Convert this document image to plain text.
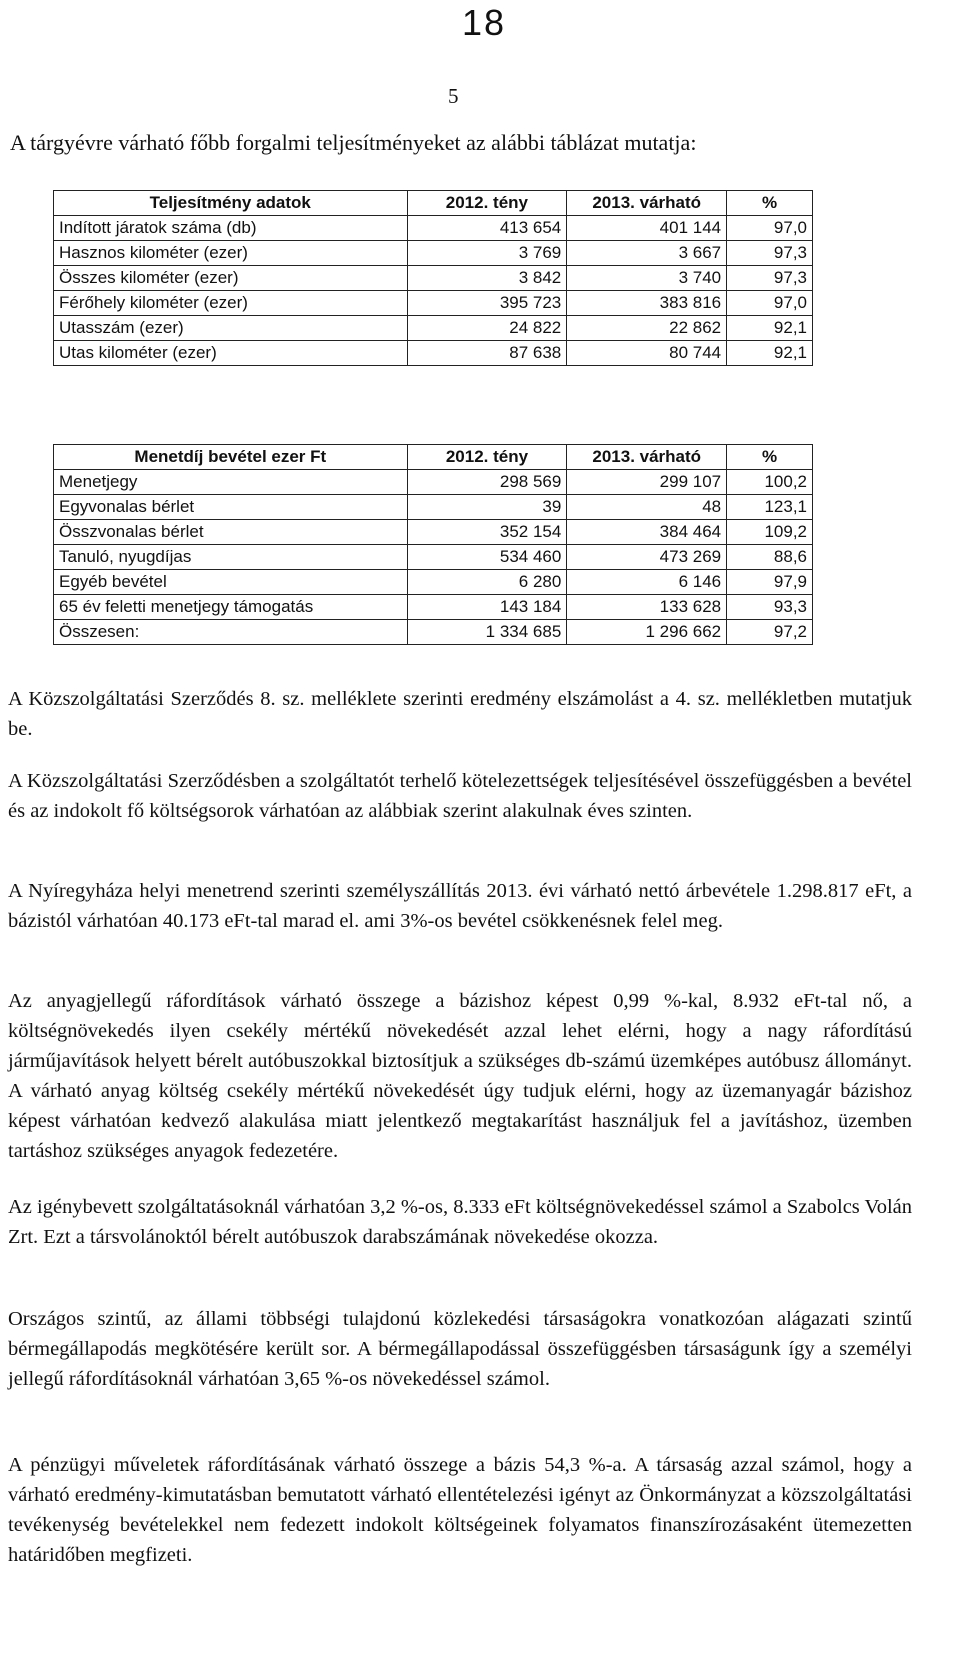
18
5
A tárgyévre várható főbb forgalmi teljesítményeket az alábbi táblázat mutatja:
Teljesítmény adatok	2012. tény	2013. várható	%
Indított járatok száma (db)	413 654	401 144	97,0
Hasznos kilométer (ezer)	3 769	3 667	97,3
Összes kilométer (ezer)	3 842	3 740	97,3
Férőhely kilométer (ezer)	395 723	383 816	97,0
Utasszám (ezer)	24 822	22 862	92,1
Utas kilométer (ezer)	87 638	80 744	92,1
Menetdíj bevétel ezer Ft	2012. tény	2013. várható	%
Menetjegy	298 569	299 107	100,2
Egyvonalas bérlet	39	48	123,1
Összvonalas bérlet	352 154	384 464	109,2
Tanuló, nyugdíjas	534 460	473 269	88,6
Egyéb bevétel	6 280	6 146	97,9
65 év feletti menetjegy támogatás	143 184	133 628	93,3
Összesen:	1 334 685	1 296 662	97,2

A Közszolgáltatási Szerződés 8. sz. melléklete szerinti eredmény elszámolást a 4. sz. mellékletben mutatjuk be.

A Közszolgáltatási Szerződésben a szolgáltatót terhelő kötelezettségek teljesítésével összefüggésben a bevétel és az indokolt fő költségsorok várhatóan az alábbiak szerint alakulnak éves szinten.

A Nyíregyháza helyi menetrend szerinti személyszállítás 2013. évi várható nettó árbevétele 1.298.817 eFt, a bázistól várhatóan 40.173 eFt-tal marad el. ami 3%-os bevétel csökkenésnek felel meg.

Az anyagjellegű ráfordítások várható összege a bázishoz képest 0,99 %-kal, 8.932 eFt-tal nő, a költségnövekedés ilyen csekély mértékű növekedését azzal lehet elérni, hogy a nagy ráfordítású járműjavítások helyett bérelt autóbuszokkal biztosítjuk a szükséges db-számú üzemképes autóbusz állományt. A várható anyag költség csekély mértékű növekedését úgy tudjuk elérni, hogy az üzemanyagár bázishoz képest várhatóan kedvező alakulása miatt jelentkező megtakarítást használjuk fel a javításhoz, üzemben tartáshoz szükséges anyagok fedezetére.

Az igénybevett szolgáltatásoknál várhatóan 3,2 %-os, 8.333 eFt költségnövekedéssel számol a Szabolcs Volán Zrt. Ezt a társvolánoktól bérelt autóbuszok darabszámának növekedése okozza.

Országos szintű, az állami többségi tulajdonú közlekedési társaságokra vonatkozóan alágazati szintű bérmegállapodás megkötésére került sor. A bérmegállapodással összefüggésben társaságunk így a személyi jellegű ráfordításoknál várhatóan 3,65 %-os növekedéssel számol.

A pénzügyi műveletek ráfordításának várható összege a bázis 54,3 %-a. A társaság azzal számol, hogy a várható eredmény-kimutatásban bemutatott várható ellentételezési igényt az Önkormányzat a közszolgáltatási tevékenység bevételekkel nem fedezett indokolt költségeinek folyamatos finanszírozásaként ütemezetten határidőben megfizeti.
